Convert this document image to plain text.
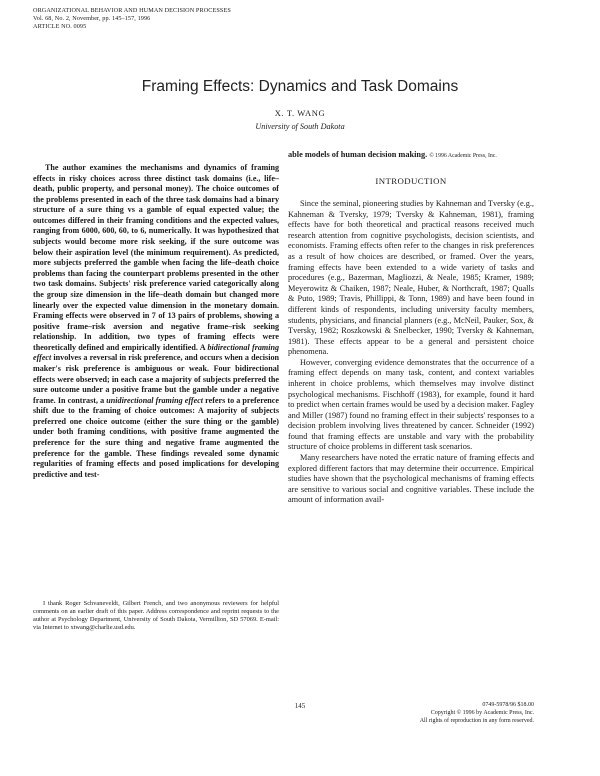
ORGANIZATIONAL BEHAVIOR AND HUMAN DECISION PROCESSES
Vol. 68, No. 2, November, pp. 145–157, 1996
ARTICLE NO. 0095
Framing Effects: Dynamics and Task Domains
X. T. WANG
University of South Dakota

The author examines the mechanisms and dynamics of framing effects in risky choices across three distinct task domains (i.e., life–death, public property, and personal money). The choice outcomes of the problems presented in each of the three task domains had a binary structure of a sure thing vs a gamble of equal expected value; the outcomes differed in their framing conditions and the expected values, ranging from 6000, 600, 60, to 6, numerically. It was hypothesized that subjects would become more risk seeking, if the sure outcome was below their aspiration level (the minimum requirement). As predicted, more subjects preferred the gamble when facing the life–death choice problems than facing the counterpart problems presented in the other two task domains. Subjects' risk preference varied categorically along the group size dimension in the life–death domain but changed more linearly over the expected value dimension in the monetary domain. Framing effects were observed in 7 of 13 pairs of problems, showing a positive frame–risk aversion and negative frame–risk seeking relationship. In addition, two types of framing effects were theoretically defined and empirically identified. A bidirectional framing effect involves a reversal in risk preference, and occurs when a decision maker's risk preference is ambiguous or weak. Four bidirectional effects were observed; in each case a majority of subjects preferred the sure outcome under a positive frame but the gamble under a negative frame. In contrast, a unidirectional framing effect refers to a preference shift due to the framing of choice outcomes: A majority of subjects preferred one choice outcome (either the sure thing or the gamble) under both framing conditions, with positive frame augmented the preference for the sure thing and negative frame augmented the preference for the gamble. These findings revealed some dynamic regularities of framing effects and posed implications for developing predictive and test-

I thank Roger Schvaneveldt, Gilbert French, and two anonymous reviewers for helpful comments on an earlier draft of this paper. Address correspondence and reprint requests to the author at Psychology Department, University of South Dakota, Vermillion, SD 57069. E-mail: via Internet to xtwang@charlie.usd.edu.

able models of human decision making. © 1996 Academic Press, Inc.

INTRODUCTION

Since the seminal, pioneering studies by Kahneman and Tversky (e.g., Kahneman & Tversky, 1979; Tversky & Kahneman, 1981), framing effects have for both theoretical and practical reasons received much research attention from cognitive psychologists, decision scientists, and economists. Framing effects often refer to the changes in risk preferences as a result of how choices are described, or framed. Over the years, framing effects have been extended to a wide variety of tasks and procedures (e.g., Bazerman, Magliozzi, & Neale, 1985; Kramer, 1989; Meyerowitz & Chaiken, 1987; Neale, Huber, & Northcraft, 1987; Qualls & Puto, 1989; Travis, Phillippi, & Tonn, 1989) and have been found in different kinds of respondents, including university faculty members, students, physicians, and financial planners (e.g., McNeil, Pauker, Sox, & Tversky, 1982; Roszkowski & Snelbecker, 1990; Tversky & Kahneman, 1981). These effects appear to be a general and persistent choice phenomena.

However, converging evidence demonstrates that the occurrence of a framing effect depends on many task, content, and context variables inherent in choice problems, which themselves may involve distinct psychological mechanisms. Fischhoff (1983), for example, found it hard to predict when certain frames would be used by a decision maker. Fagley and Miller (1987) found no framing effect in their subjects' responses to a decision problem involving lives threatened by cancer. Schneider (1992) found that framing effects are unstable and vary with the probability structure of choice problems in different task scenarios.

Many researchers have noted the erratic nature of framing effects and explored different factors that may determine their occurrence. Empirical studies have shown that the psychological mechanisms of framing effects are sensitive to various social and cognitive variables. These include the amount of information avail-

145	0749-5978/96 $18.00
Copyright © 1996 by Academic Press, Inc.
All rights of reproduction in any form reserved.
